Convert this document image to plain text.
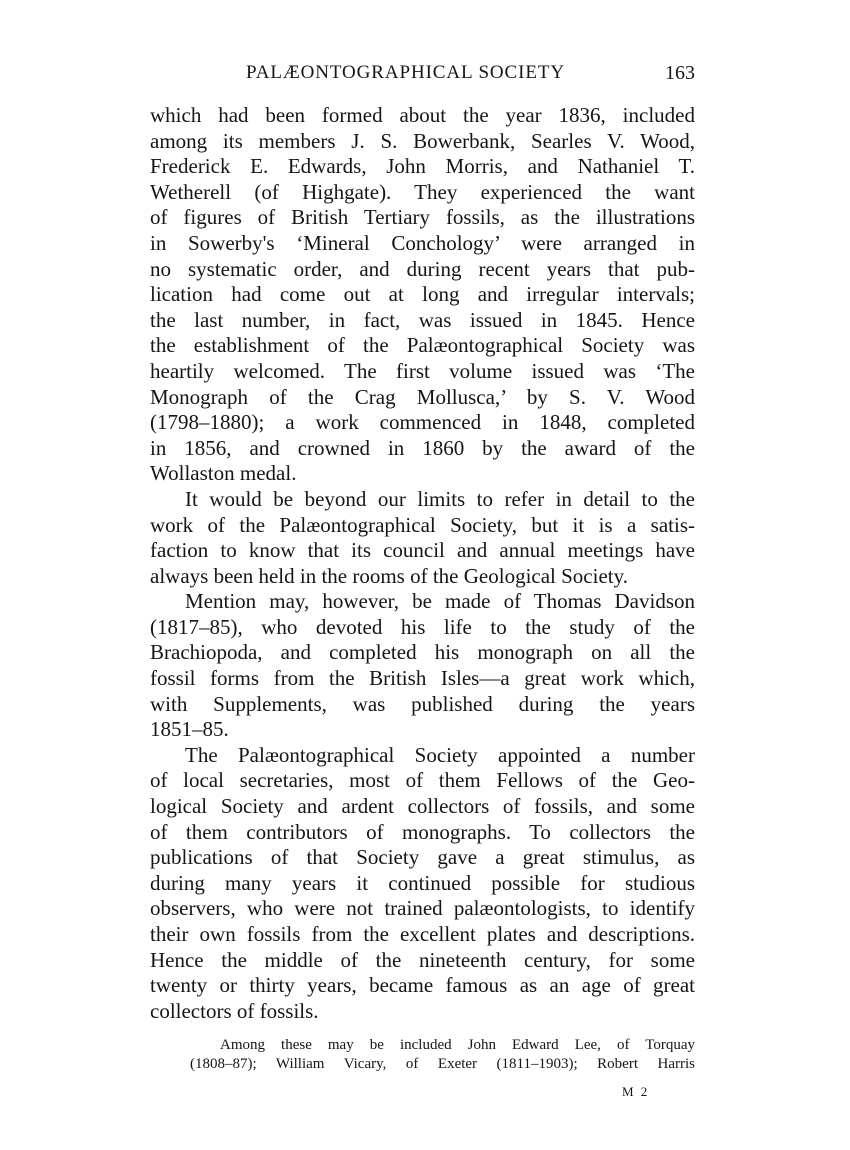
PALÆONTOGRAPHICAL SOCIETY	163
which had been formed about the year 1836, included
among its members J. S. Bowerbank, Searles V. Wood,
Frederick E. Edwards, John Morris, and Nathaniel T.
Wetherell (of Highgate). They experienced the want
of figures of British Tertiary fossils, as the illustrations
in Sowerby's ‘Mineral Conchology’ were arranged in
no systematic order, and during recent years that pub-
lication had come out at long and irregular intervals;
the last number, in fact, was issued in 1845. Hence
the establishment of the Palæontographical Society was
heartily welcomed. The first volume issued was ‘The
Monograph of the Crag Mollusca,’ by S. V. Wood
(1798–1880); a work commenced in 1848, completed
in 1856, and crowned in 1860 by the award of the
Wollaston medal.
It would be beyond our limits to refer in detail to the
work of the Palæontographical Society, but it is a satis-
faction to know that its council and annual meetings have
always been held in the rooms of the Geological Society.
Mention may, however, be made of Thomas Davidson
(1817–85), who devoted his life to the study of the
Brachiopoda, and completed his monograph on all the
fossil forms from the British Isles—a great work which,
with Supplements, was published during the years
1851–85.
The Palæontographical Society appointed a number
of local secretaries, most of them Fellows of the Geo-
logical Society and ardent collectors of fossils, and some
of them contributors of monographs. To collectors the
publications of that Society gave a great stimulus, as
during many years it continued possible for studious
observers, who were not trained palæontologists, to identify
their own fossils from the excellent plates and descriptions.
Hence the middle of the nineteenth century, for some
twenty or thirty years, became famous as an age of great
collectors of fossils.
Among these may be included John Edward Lee, of Torquay
(1808–87); William Vicary, of Exeter (1811–1903); Robert Harris
M 2
